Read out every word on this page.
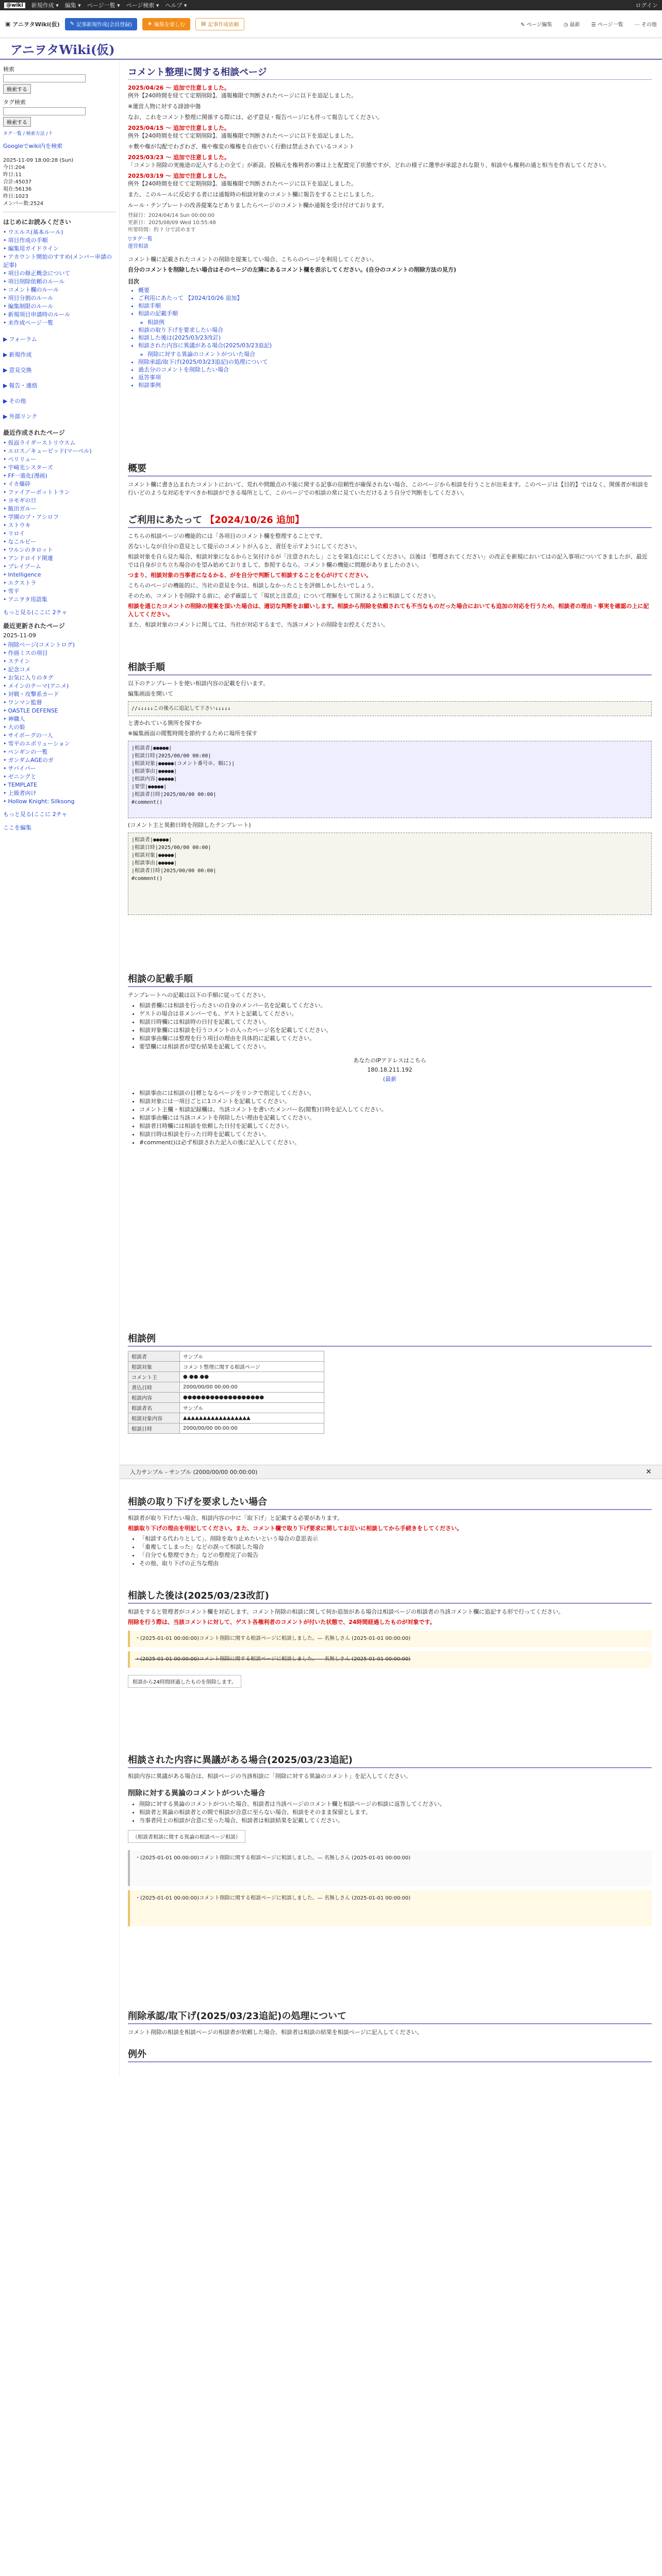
@wiki	新規作成 ▾ 編集 ▾ ページ一覧 ▾ ページ検索 ▾ ヘルプ ▾	ログイン
▣ アニヲタWiki(仮) ✎ 記事新規作成(会員登録)	★ 編集を楽しむ	▤ 記事作成依頼	✎ ページ編集 ◷ 最新 ☰ ページ一覧 ⋯ その他
アニヲタWiki(仮)
検索
検索する
タグ検索
検索する
タグ一覧 / 検索方法 / ?
Googleでwiki内を検索
2025-11-09 18:00:28 (Sun)
今日:204
昨日:11
合計:45037
現在:56136
昨日:1023
メンバー数:2524
はじめにお読みください
• ウエルス(基本ルール)
• 項目作成の手順
• 編集用ガイドライン
• アカウント開始のすすめ(メンバー申請の記事)
• 項目の修正概念について
• 項目削除依頼のルール
• コメント欄のルール
• 項目分割のルール
• 編集制限のルール
• 新規項目申請時のルール
• 未作成ページ一覧
▶ フォーラム
▶ 新規作成
▶ 意見交換
▶ 報告・連絡
▶ その他
▶ 外部リンク
最近作成されたページ
• 仮面ライダーストリウスム
• エロス／キューピッド(マーベル)
• ペリリュー
• 宇崎光シスターズ
• FF一進化(漫画)
• イカ爆砕
• ファイアーボットトラン
• ヨモギの日
• 飯田ガルー
• 学園のプ・アシロフ
• ストウキ
• リロイ
• なこルビー
• ワルンのタロット
• アンドロイド関連
• プレイブーム
• Intelligence
• エクストラ
• 雪平
• アニヲタ用語集
もっと見る(ここに 2チャ
最近更新されたページ
2025-11-09
• 削除ページ(コメントログ)
• 作画ミスの項目
• ステイン
• 記念コメ
• お気に入りのタグ
• メインのテーマ(アニメ)
• 対戦・攻撃系カード
• ワンマン監督
• OASTLE DEFENSE
• 神職人
• 大の姫
• サイボーグの一人
• 雪平のエボリューション
• ペンギンの一覧
• ガンダムAGEのガ
• サバイバー
• ゼニングと
• TEMPLATE
• 上級者向け
• Hollow Knight: Silksong
もっと見る(ここに 2チャ
ここを編集
コメント整理に関する相談ページ
2025/04/26 〜 追加で注意しました。
例外【240時間を経てて定期削除】。通報権限で判断されたページに以下を追記しました。
※運営人物に対する誹謗中傷　
なお、これをコメント整理に関係する際には、必ず意見・報告ページにも伴って報告してください。
2025/04/15 〜 追加で注意しました。
例外【240時間を経てて定期削除】。通報権限で判断されたページに以下を追記しました。
＊敷や権が勾配でわざわざ、権や権変の権権を自由でいく行動は禁止されているコメント
2025/03/23 〜 追加で注意しました。
「コメント削除の実施途の記入する上の全て」が新設。投稿元を権利者の審は上と配置完了状態ですが、どれの様子に選挙が承認されな限り、相談やも権利の通と相当を作表してください。
2025/03/19 〜 追加で注意しました。
例外【240時間を経てて定期削除】。通報権限で判断されたページに以下を追記しました。
また、このルールに反応する者には通報時の相談対象のコメント欄に報告をすることにしました。
ルール・テンプレートの改善提案などありましたらページのコメント欄か通報を受け付けております。
登録日：2024/04/14 Sun 00:00:00
更新日：2025/08/09 Wed 10:55:48
所要時間：約 ? 分で読めます
▽タグ一覧
運営相談

コメント欄に記載されたコメントの削除を提案してい場合、こちらのページを利用してください。

自分のコメントを削除したい場合はそのページの左隣にあるコメント欄を表示してください。(自分のコメントの削除方法の見方)

目次
• 概要
• ご利用にあたって 【2024/10/26 追加】
• 相談手順
• 相談の記載手順
◦ 相談例
• 相談の取り下げを要求したい場合
• 相談した後は(2025/03/23改訂)
• 相談された内容に異議がある場合(2025/03/23追記)
◦ 削除に対する異論のコメントがついた場合
• 削除承認/取下げ(2025/03/23追記)の処理について
• 過去分のコメントを削除したい場合
• 返答事項
• 相談事例
概要

コメント欄に書き込まれたコメントにおいて、荒れや問題点の不能に関する記事の信頼性が確保されない場合、このページから相談を行うことが出来ます。このページは【目的】ではなく、関係者が相談を行いどのような対応をすべきか相談ができる場所として、このページでの相談の常に見ていただけるよう自分で判断をしてください。

ご利用にあたって 【2024/10/26 追加】

こちらの相談ページの機能的には「各項目のコメント欄を整理することです。

苦ないしなが自分の意見として提示のコメントが入ると、責任を示すようにしてください。

相談対象を自ら見た場合、相談対象になるからと気付けるが「注意されたし」ことを第1点ににしてください。以後は「整理されてください」の改正を新規においてはの記入事項についてきましたが、最近では自身が立ち立ち場合のを望み始めておりまして、参照するなら、コメント欄の機能に問題がありましたのさい。

つまり、相談対象の当事者になるかる、がを自分で判断して相談することを心がけてください。

こちらのページの機能的に、当社の意見を今は、相談しなかったことを評価しかしたいでしょう。

そのため、コメントを削除する前に、必ず確認して「現状と注意点」について理解をして頂けるように相談してください。

相談を通じたコメントの削除の提案を頂いた場合は、適切な判断をお願いします。相談から削除を依頼されても不当なものだった場合においても追加の対応を行うため、相談者の理由・事実を確認の上に記入してください。

また、相談対象のコメントに関しては、当社が対応するまで、当該コメントの削除をお控えください。

相談手順

以下のテンプレートを使い相談内容の記載を行います。

編集画面を開いて

//↓↓↓↓↓この後ろに追記して下さい↓↓↓↓↓

と書かれている箇所を探すか

※編集画面の閲覧時間を節約するために場所を探す

|相談者|●●●●●|
|相談日時|2025/00/00 00:00|
|相談対象|●●●●●(コメント番号※、順に)|
|相談事由|●●●●●|
|相談内容|●●●●●|
|要望|●●●●●|
|相談者日時|2025/00/00 00:00|
#comment()

(コメント主と異動日時を削除したテンプレート)

|相談者|●●●●●|
|相談日時|2025/00/00 00:00|
|相談対象|●●●●●|
|相談事由|●●●●●|
|相談者日時|2025/00/00 00:00|
#comment()
相談の記載手順

テンプレートへの記載は以下の手順に従ってください。

• 相談者欄には相談を行ったさいの自身のメンバー名を記載してください。
• ゲストの場合は非メンバーでも、ゲストと記載してください。
• 相談日時欄には相談時の日付を記載してください。
• 相談対象欄には相談を行うコメントの入ったページ名を記載してください。
• 相談事由欄には整理を行う項目の理由を具体的に記載してください。
• 要望欄には相談者が望む結果を記載してください。
あなたのIPアドレスはこちら
180.18.211.192
(最新
• 相談事由には相談の目標となるページをリンクで指定してください。
• 相談対象には一項目ごとに1コメントを記載してください。
• コメント主欄・相談記録欄は、当該コメントを書いたメンバー名(閲覧)日時を記入してください。
• 相談事由欄には当該コメントを削除したい理由を記載してください。
• 相談者日時欄には相談を依頼した日付を記載してください。
• 相談日時は相談を行った日時を記載してください。
• #comment()は必ず相談された記入の後に記入してください。
相談例
相談者	サンプル
相談対象	コメント整理に関する相談ページ
コメント主	●.●●.●●
書込日時	2000/00/00 00:00:00
相談内容	●●●●●●●●●●●●●●●●●●
相談者名	サンプル
相談対象内容	▲▲▲▲▲▲▲▲▲▲▲▲▲▲▲▲▲
相談日時	2000/00/00 00:00:00
入力サンプル - サンプル (2000/00/00 00:00:00)	✕
相談の取り下げを要求したい場合

相談者が取り下げたい場合、相談内容の中に「取下げ」と記載する必要があります。

相談取り下げの理由を明記してください。また、コメント欄で取り下げ要求に関してお互いに相談してから手続きをしてください。

• 「相談する代わりとして」、削除を取り止めたいという場合の意思表示
• 「重複してしまった」などの誤って相談した場合
• 「自分でも整理できた」などの整理完了の報告
• その他、取り下げの正当な理由
相談した後は(2025/03/23改訂)

相談をすると管理者がコメント欄を対応します。コメント削除の相談に関して何か追加がある場合は相談ページの相談者の当該コメント欄に追記する形で行ってください。

削除を行う際は、当該コメントに対して、ゲスト各権利者のコメントが付いた状態で、24時間経過したものが対象です。

・(2025-01-01 00:00:00)コメント削除に関する相談ページに相談しました。— 名無しさん (2025-01-01 00:00:00)
・(2025-01-01 00:00:00)コメント削除に関する相談ページに相談しました。— 名無しさん (2025-01-01 00:00:00)
相談から24時間経過したものを削除します。
相談された内容に異議がある場合(2025/03/23追記)

相談内容に異議がある場合は、相談ページの当該相談に「削除に対する異論のコメント」を記入してください。

削除に対する異論のコメントがついた場合
• 削除に対する異論のコメントがついた場合、相談者は当該ページのコメント欄と相談ページの相談に返答してください。
• 相談者と異論の相談者との間で相談が合意に至らない場合、相談をそのまま保留とします。
• 当事者同士の相談が合意に至った場合、相談者は相談結果を記載してください。
（相談者相談に関する異論の相談ページ相談）
・(2025-01-01 00:00:00)コメント削除に関する相談ページに相談しました。— 名無しさん (2025-01-01 00:00:00)
・(2025-01-01 00:00:00)コメント削除に関する相談ページに相談しました。— 名無しさん (2025-01-01 00:00:00)
削除承認/取下げ(2025/03/23追記)の処理について

コメント削除の相談を相談ページの相談者が依頼した場合、相談者は相談の結果を相談ページに記入してください。

例外
